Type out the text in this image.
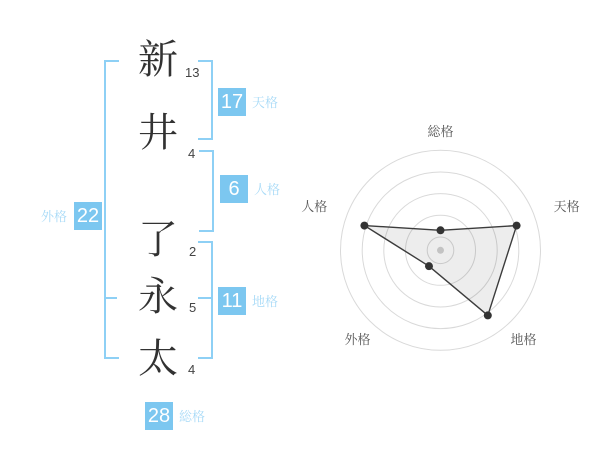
新
井
了
永
太
13
4
2
5
4
17 天格
6	人格
11 地格
外格 22
28 総格
総格
天格
地格
外格
人格
